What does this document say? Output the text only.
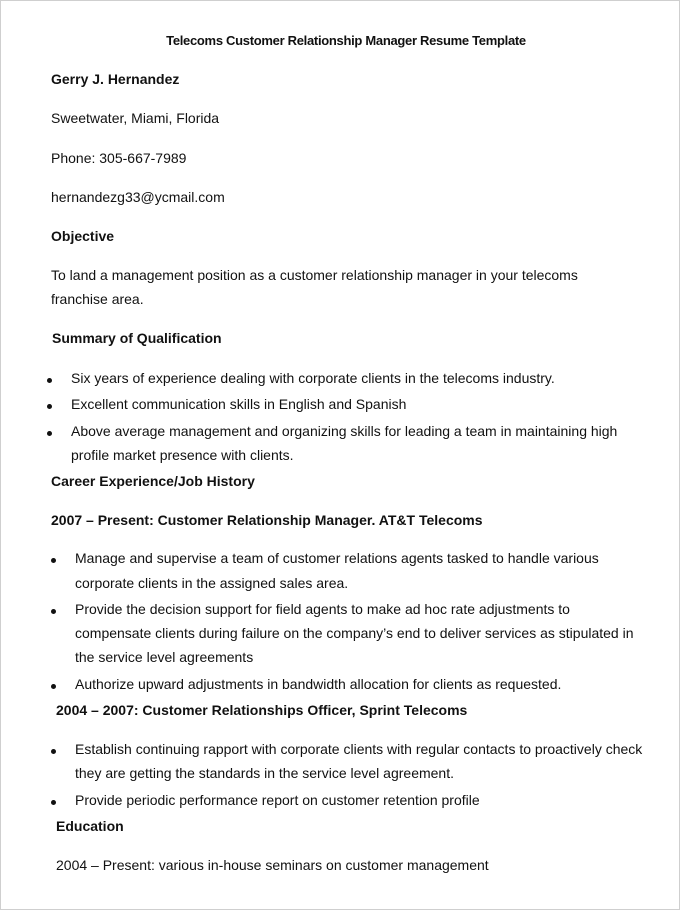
Telecoms Customer Relationship Manager Resume Template
Gerry J. Hernandez
Sweetwater, Miami, Florida
Phone: 305-667-7989
hernandezg33@ycmail.com
Objective
To land a management position as a customer relationship manager in your telecoms
franchise area.
Summary of Qualification
Six years of experience dealing with corporate clients in the telecoms industry.
Excellent communication skills in English and Spanish
Above average management and organizing skills for leading a team in maintaining high
profile market presence with clients.
Career Experience/Job History
2007 – Present: Customer Relationship Manager. AT&T Telecoms
Manage and supervise a team of customer relations agents tasked to handle various
corporate clients in the assigned sales area.
Provide the decision support for field agents to make ad hoc rate adjustments to
compensate clients during failure on the company’s end to deliver services as stipulated in
the service level agreements
Authorize upward adjustments in bandwidth allocation for clients as requested.
2004 – 2007: Customer Relationships Officer, Sprint Telecoms
Establish continuing rapport with corporate clients with regular contacts to proactively check
they are getting the standards in the service level agreement.
Provide periodic performance report on customer retention profile
Education
2004 – Present: various in-house seminars on customer management
